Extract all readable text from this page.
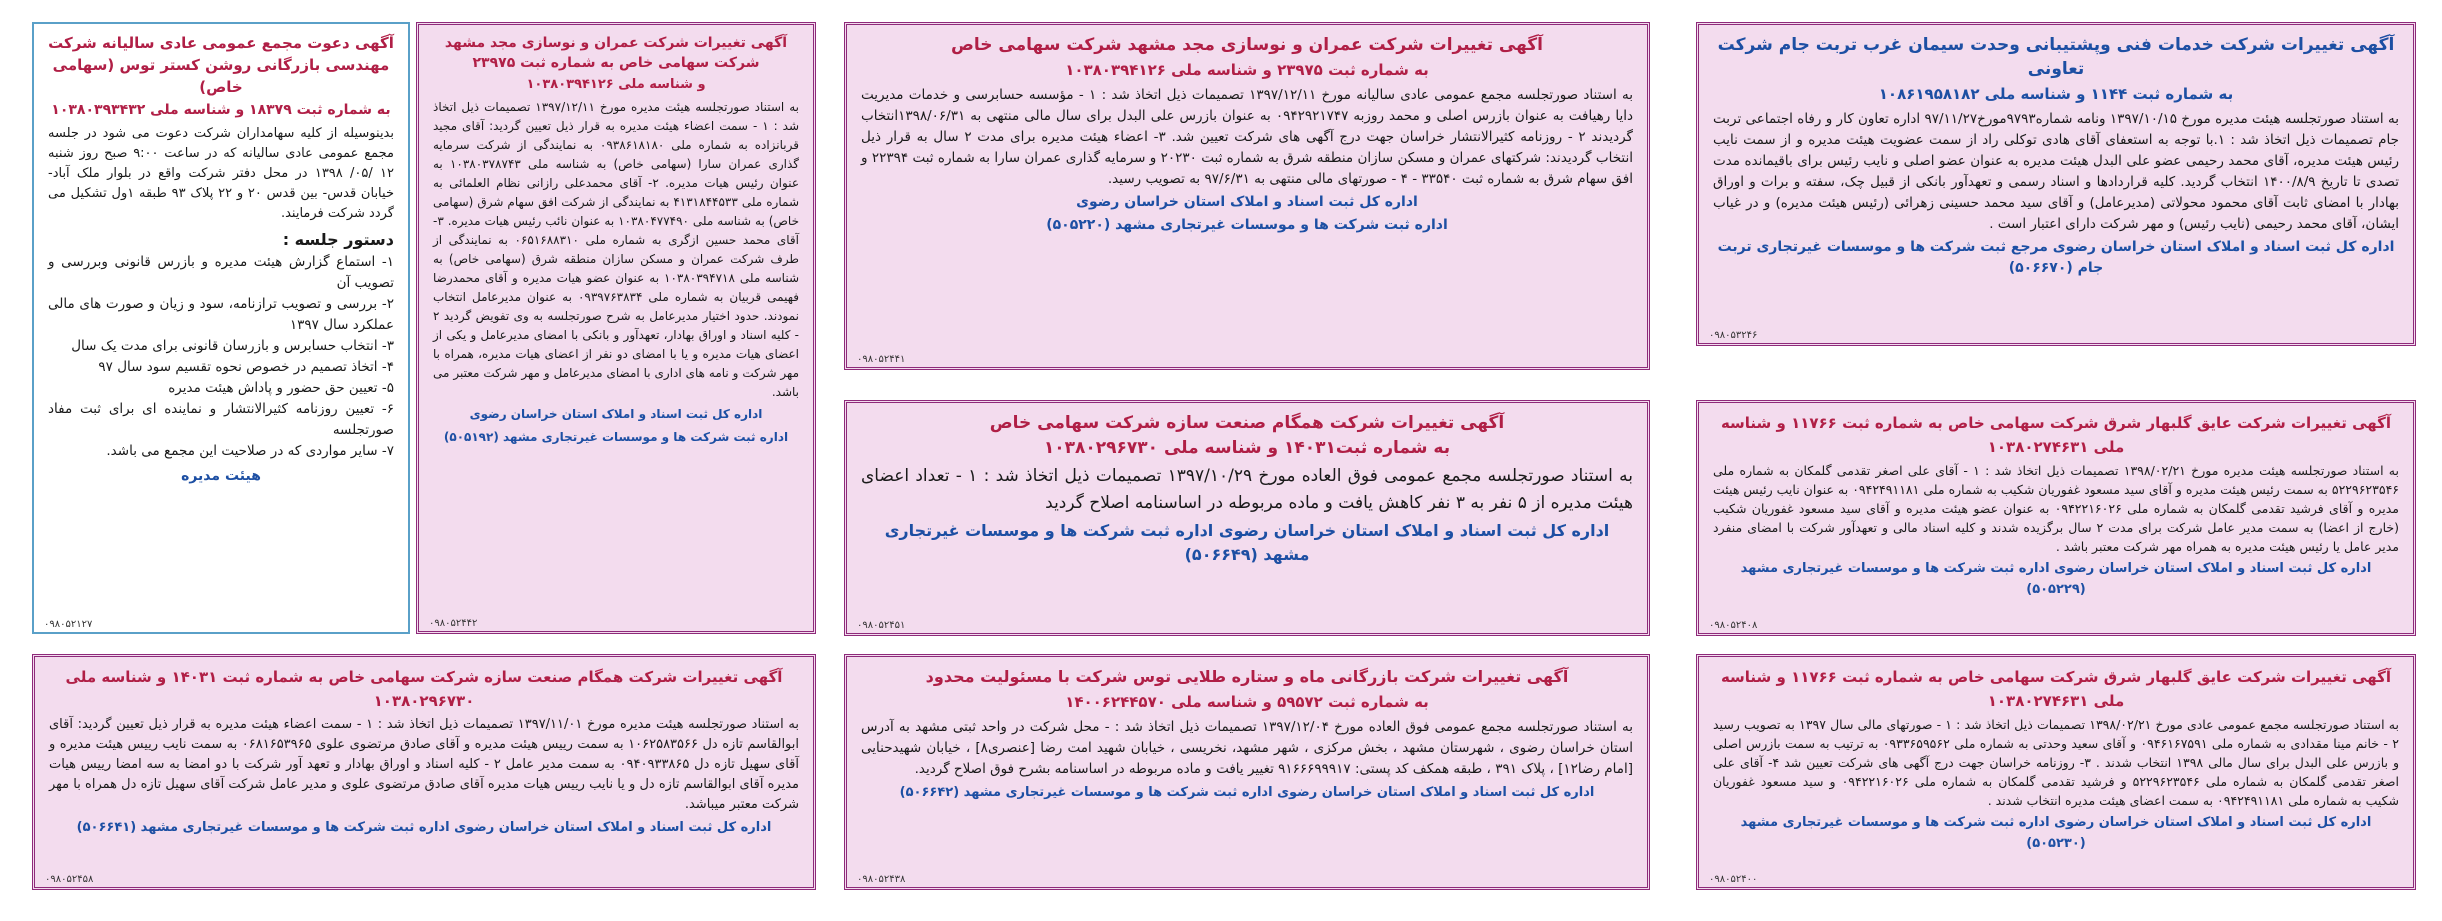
آگهی تغییرات شرکت خدمات فنی وپشتیبانی وحدت سیمان غرب تربت جام شرکت تعاونی

به شماره ثبت ۱۱۴۴ و شناسه ملی ۱۰۸۶۱۹۵۸۱۸۲

به استناد صورتجلسه هیئت مدیره مورخ ۱۳۹۷/۱۰/۱۵ ونامه شماره۹۷۹۳مورخ۹۷/۱۱/۲۷ اداره تعاون کار و رفاه اجتماعی تربت جام تصمیمات ذیل اتخاذ شد : ۱.با توجه به استعفای آقای هادی توکلی راد از سمت عضویت هیئت مدیره و از سمت نایب رئیس هیئت مدیره، آقای محمد رحیمی عضو علی البدل هیئت مدیره به عنوان عضو اصلی و نایب رئیس برای باقیمانده مدت تصدی تا تاریخ ۱۴۰۰/۸/۹ انتخاب گردید. کلیه قراردادها و اسناد رسمی و تعهدآور بانکی از قبیل چک، سفته و برات و اوراق بهادار با امضای ثابت آقای محمود محولاتی (مدیرعامل) و آقای سید محمد حسینی زهرائی (رئیس هیئت مدیره) و در غیاب ایشان، آقای محمد رحیمی (نایب رئیس) و مهر شرکت دارای اعتبار است .

اداره کل ثبت اسناد و املاک استان خراسان رضوی مرجع ثبت شرکت ها و موسسات غیرتجاری تربت جام (۵۰۶۶۷۰)

۰۹۸۰۵۳۲۴۶

آگهی تغییرات شرکت عمران و نوسازی مجد مشهد شرکت سهامی خاص

به شماره ثبت ۲۳۹۷۵ و شناسه ملی ۱۰۳۸۰۳۹۴۱۲۶

به استناد صورتجلسه مجمع عمومی عادی سالیانه مورخ ۱۳۹۷/۱۲/۱۱ تصمیمات ذیل اتخاذ شد : ۱ - مؤسسه حسابرسی و خدمات مدیریت دایا رهیافت به عنوان بازرس اصلی و محمد روزبه ۰۹۴۲۹۲۱۷۴۷ به عنوان بازرس علی البدل برای سال مالی منتهی به ۱۳۹۸/۰۶/۳۱انتخاب گردیدند ۲ - روزنامه کثیرالانتشار خراسان جهت درج آگهی های شرکت تعیین شد. ۳- اعضاء هیئت مدیره برای مدت ۲ سال به قرار ذیل انتخاب گردیدند: شرکتهای عمران و مسکن سازان منطقه شرق به شماره ثبت ۲۰۲۳۰ و سرمایه گذاری عمران سارا به شماره ثبت ۲۲۳۹۴ و افق سهام شرق به شماره ثبت ۳۳۵۴۰ - ۴ - صورتهای مالی منتهی به ۹۷/۶/۳۱ به تصویب رسید.

اداره کل ثبت اسناد و املاک استان خراسان رضوی

اداره ثبت شرکت ها و موسسات غیرتجاری مشهد (۵۰۵۲۲۰)

۰۹۸۰۵۲۴۴۱

آگهی تغییرات شرکت عمران و نوسازی مجد مشهد شرکت سهامی خاص به شماره ثبت ۲۳۹۷۵

و شناسه ملی ۱۰۳۸۰۳۹۴۱۲۶

به استناد صورتجلسه هیئت مدیره مورخ ۱۳۹۷/۱۲/۱۱ تصمیمات ذیل اتخاذ شد : ۱ - سمت اعضاء هیئت مدیره به قرار ذیل تعیین گردید: آقای مجید قربانزاده به شماره ملی ۰۹۳۸۶۱۸۱۸۰ به نمایندگی از شرکت سرمایه گذاری عمران سارا (سهامی خاص) به شناسه ملی ۱۰۳۸۰۳۷۸۷۴۳ به عنوان رئیس هیات مدیره. ۲- آقای محمدعلی رازانی نظام العلمائی به شماره ملی ۴۱۳۱۸۴۴۵۳۳ به نمایندگی از شرکت افق سهام شرق (سهامی خاص) به شناسه ملی ۱۰۳۸۰۴۷۷۴۹۰ به عنوان نائب رئیس هیات مدیره. ۳- آقای محمد حسین ازگری به شماره ملی ۰۶۵۱۶۸۸۳۱۰ به نمایندگی از طرف شرکت عمران و مسکن سازان منطقه شرق (سهامی خاص) به شناسه ملی ۱۰۳۸۰۳۹۴۷۱۸ به عنوان عضو هیات مدیره و آقای محمدرضا فهیمی قربیان به شماره ملی ۰۹۳۹۷۶۳۸۳۴ به عنوان مدیرعامل انتخاب نمودند. حدود اختیار مدیرعامل به شرح صورتجلسه به وی تفویض گردید ۲ - کلیه اسناد و اوراق بهادار، تعهدآور و بانکی با امضای مدیرعامل و یکی از اعضای هیات مدیره و یا با امضای دو نفر از اعضای هیات مدیره، همراه با مهر شرکت و نامه های اداری با امضای مدیرعامل و مهر شرکت معتبر می باشد.

اداره کل ثبت اسناد و املاک استان خراسان رضوی

اداره ثبت شرکت ها و موسسات غیرتجاری مشهد (۵۰۵۱۹۲)

۰۹۸۰۵۲۴۴۲

آگهی دعوت مجمع عمومی عادی سالیانه شرکت مهندسی بازرگانی روشن کستر توس (سهامی خاص)

به شماره ثبت ۱۸۳۷۹ و شناسه ملی ۱۰۳۸۰۳۹۳۴۳۲

بدینوسیله از کلیه سهامداران شرکت دعوت می شود در جلسه مجمع عمومی عادی سالیانه که در ساعت ۹:۰۰ صبح روز شنبه ۱۲ /۰۵/ ۱۳۹۸ در محل دفتر شرکت واقع در بلوار ملک آباد- خیابان قدس- بین قدس ۲۰ و ۲۲ پلاک ۹۳ طبقه ۱ول تشکیل می گردد شرکت فرمایند.

دستور جلسه :

۱- استماع گزارش هیئت مدیره و بازرس قانونی وبررسی و تصویب آن
۲- بررسی و تصویب ترازنامه، سود و زیان و صورت های مالی عملکرد سال ۱۳۹۷
۳- انتخاب حسابرس و بازرسان قانونی برای مدت یک سال
۴- اتخاذ تصمیم در خصوص نحوه تقسیم سود سال ۹۷
۵- تعیین حق حضور و پاداش هیئت مدیره
۶- تعیین روزنامه کثیرالانتشار و نماینده ای برای ثبت مفاد صورتجلسه
۷- سایر مواردی که در صلاحیت این مجمع می باشد.

هیئت مدیره

۰۹۸۰۵۲۱۲۷

آگهی تغییرات شرکت عایق گلبهار شرق شرکت سهامی خاص به شماره ثبت ۱۱۷۶۶ و شناسه ملی ۱۰۳۸۰۲۷۴۶۳۱

به استناد صورتجلسه هیئت مدیره مورخ ۱۳۹۸/۰۲/۲۱ تصمیمات ذیل اتخاذ شد : ۱ - آقای علی اصغر تقدمی گلمکان به شماره ملی ۵۲۲۹۶۲۳۵۴۶ به سمت رئیس هیئت مدیره و آقای سید مسعود غفوریان شکیب به شماره ملی ۰۹۴۲۴۹۱۱۸۱ به عنوان نایب رئیس هیئت مدیره و آقای فرشید تقدمی گلمکان به شماره ملی ۰۹۴۲۲۱۶۰۲۶ به عنوان عضو هیئت مدیره و آقای سید مسعود غفوریان شکیب (خارج از اعضا) به سمت مدیر عامل شرکت برای مدت ۲ سال برگزیده شدند و کلیه اسناد مالی و تعهدآور شرکت با امضای منفرد مدیر عامل یا رئیس هیئت مدیره به همراه مهر شرکت معتبر باشد .

اداره کل ثبت اسناد و املاک استان خراسان رضوی اداره ثبت شرکت ها و موسسات غیرتجاری مشهد (۵۰۵۲۲۹)

۰۹۸۰۵۲۴۰۸

آگهی تغییرات شرکت همگام صنعت سازه شرکت سهامی خاص

به شماره ثبت۱۴۰۳۱ و شناسه ملی ۱۰۳۸۰۲۹۶۷۳۰

به استناد صورتجلسه مجمع عمومی فوق العاده مورخ ۱۳۹۷/۱۰/۲۹ تصمیمات ذیل اتخاذ شد : ۱ - تعداد اعضای هیئت مدیره از ۵ نفر به ۳ نفر کاهش یافت و ماده مربوطه در اساسنامه اصلاح گردید

اداره کل ثبت اسناد و املاک استان خراسان رضوی اداره ثبت شرکت ها و موسسات غیرتجاری مشهد (۵۰۶۶۴۹)

۰۹۸۰۵۲۴۵۱

آگهی تغییرات شرکت عایق گلبهار شرق شرکت سهامی خاص به شماره ثبت ۱۱۷۶۶ و شناسه ملی ۱۰۳۸۰۲۷۴۶۳۱

به استناد صورتجلسه مجمع عمومی عادی مورخ ۱۳۹۸/۰۲/۲۱ تصمیمات ذیل اتخاذ شد : ۱ - صورتهای مالی سال ۱۳۹۷ به تصویب رسید ۲ - خانم مینا مقدادی به شماره ملی ۰۹۴۶۱۶۷۵۹۱ و آقای سعید وحدتی به شماره ملی ۰۹۳۳۶۵۹۵۶۲ به ترتیب به سمت بازرس اصلی و بازرس علی البدل برای سال مالی ۱۳۹۸ انتخاب شدند . ۳- روزنامه خراسان جهت درج آگهی های شرکت تعیین شد ۴- آقای علی اصغر تقدمی گلمکان به شماره ملی ۵۲۲۹۶۲۳۵۴۶ و فرشید تقدمی گلمکان به شماره ملی ۰۹۴۲۲۱۶۰۲۶ و سید مسعود غفوریان شکیب به شماره ملی ۰۹۴۲۴۹۱۱۸۱ به سمت اعضای هیئت مدیره انتخاب شدند .

اداره کل ثبت اسناد و املاک استان خراسان رضوی اداره ثبت شرکت ها و موسسات غیرتجاری مشهد (۵۰۵۲۳۰)

۰۹۸۰۵۲۴۰۰

آگهی تغییرات شرکت بازرگانی ماه و ستاره طلایی توس شرکت با مسئولیت محدود

به شماره ثبت ۵۹۵۷۲ و شناسه ملی ۱۴۰۰۶۲۴۴۵۷۰

به استناد صورتجلسه مجمع عمومی فوق العاده مورخ ۱۳۹۷/۱۲/۰۴ تصمیمات ذیل اتخاذ شد : - محل شرکت در واحد ثبتی مشهد به آدرس استان خراسان رضوی ، شهرستان مشهد ، بخش مرکزی ، شهر مشهد، نخریسی ، خیابان شهید امت رضا [عنصری۸] ، خیابان شهیدحنایی [امام رضا۱۲] ، پلاک ۳۹۱ ، طبقه همکف کد پستی: ۹۱۶۶۶۹۹۹۱۷ تغییر یافت و ماده مربوطه در اساسنامه بشرح فوق اصلاح گردید.

اداره کل ثبت اسناد و املاک استان خراسان رضوی اداره ثبت شرکت ها و موسسات غیرتجاری مشهد (۵۰۶۶۴۲)

۰۹۸۰۵۲۴۳۸

آگهی تغییرات شرکت همگام صنعت سازه شرکت سهامی خاص به شماره ثبت ۱۴۰۳۱ و شناسه ملی ۱۰۳۸۰۲۹۶۷۳۰

به استناد صورتجلسه هیئت مدیره مورخ ۱۳۹۷/۱۱/۰۱ تصمیمات ذیل اتخاذ شد : ۱ - سمت اعضاء هیئت مدیره به قرار ذیل تعیین گردید: آقای ابوالقاسم تازه دل ۱۰۶۲۵۸۳۵۶۶ به سمت رییس هیئت مدیره و آقای صادق مرتضوی علوی ۰۶۸۱۶۵۳۹۶۵ به سمت نایب رییس هیئت مدیره و آقای سهیل تازه دل ۰۹۴۰۹۳۳۸۶۵ به سمت مدیر عامل ۲ - کلیه اسناد و اوراق بهادار و تعهد آور شرکت با دو امضا به سه امضا رییس هیات مدیره آقای ابوالقاسم تازه دل و یا نایب رییس هیات مدیره آقای صادق مرتضوی علوی و مدیر عامل شرکت آقای سهیل تازه دل همراه با مهر شرکت معتبر میباشد.

اداره کل ثبت اسناد و املاک استان خراسان رضوی اداره ثبت شرکت ها و موسسات غیرتجاری مشهد (۵۰۶۶۴۱)

۰۹۸۰۵۲۴۵۸
